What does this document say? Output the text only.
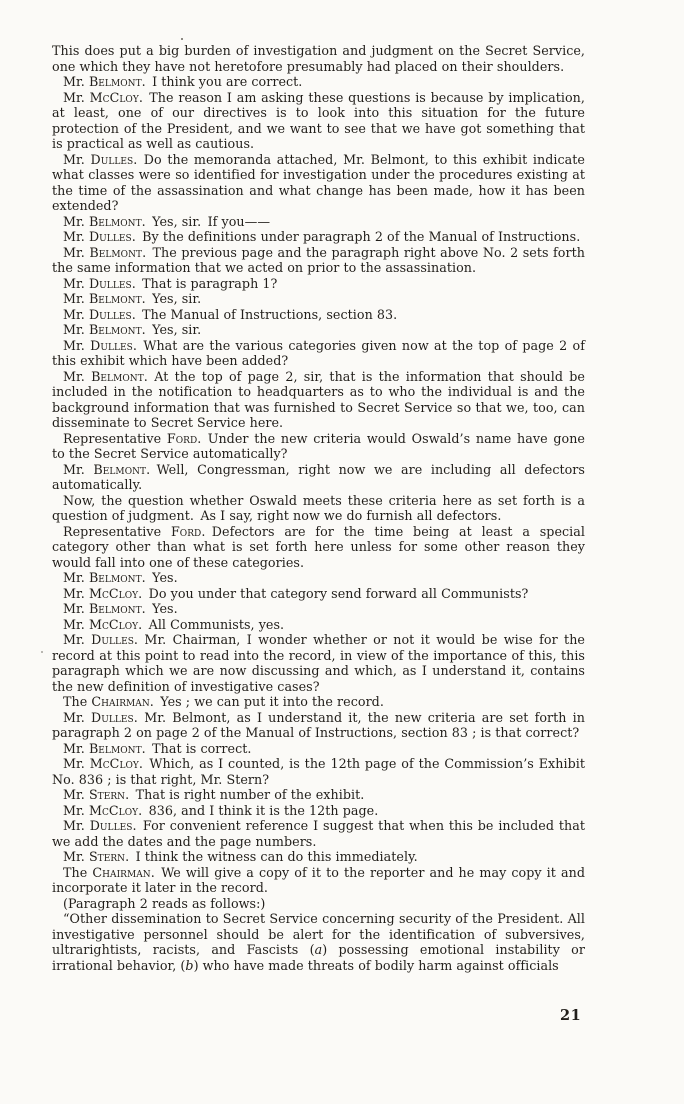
This does put a big burden of investigation and judgment on the Secret Service, one which they have not heretofore presumably had placed on their shoulders.

Mr. Belmont. I think you are correct.

Mr. McCloy. The reason I am asking these questions is because by implication, at least, one of our directives is to look into this situation for the future protection of the President, and we want to see that we have got something that is practical as well as cautious.

Mr. Dulles. Do the memoranda attached, Mr. Belmont, to this exhibit indicate what classes were so identified for investigation under the procedures existing at the time of the assassination and what change has been made, how it has been extended?

Mr. Belmont. Yes, sir. If you——

Mr. Dulles. By the definitions under paragraph 2 of the Manual of Instructions.

Mr. Belmont. The previous page and the paragraph right above No. 2 sets forth the same information that we acted on prior to the assassination.

Mr. Dulles. That is paragraph 1?

Mr. Belmont. Yes, sir.

Mr. Dulles. The Manual of Instructions, section 83.

Mr. Belmont. Yes, sir.

Mr. Dulles. What are the various categories given now at the top of page 2 of this exhibit which have been added?

Mr. Belmont. At the top of page 2, sir, that is the information that should be included in the notification to headquarters as to who the individual is and the background information that was furnished to Secret Service so that we, too, can disseminate to Secret Service here.

Representative Ford. Under the new criteria would Oswald’s name have gone to the Secret Service automatically?

Mr. Belmont. Well, Congressman, right now we are including all defectors automatically.

Now, the question whether Oswald meets these criteria here as set forth is a question of judgment. As I say, right now we do furnish all defectors.

Representative Ford. Defectors are for the time being at least a special category other than what is set forth here unless for some other reason they would fall into one of these categories.

Mr. Belmont. Yes.

Mr. McCloy. Do you under that category send forward all Communists?

Mr. Belmont. Yes.

Mr. McCloy. All Communists, yes.

Mr. Dulles. Mr. Chairman, I wonder whether or not it would be wise for the record at this point to read into the record, in view of the importance of this, this paragraph which we are now discussing and which, as I understand it, contains the new definition of investigative cases?

The Chairman. Yes ; we can put it into the record.

Mr. Dulles. Mr. Belmont, as I understand it, the new criteria are set forth in paragraph 2 on page 2 of the Manual of Instructions, section 83 ; is that correct?

Mr. Belmont. That is correct.

Mr. McCloy. Which, as I counted, is the 12th page of the Commission’s Exhibit No. 836 ; is that right, Mr. Stern?

Mr. Stern. That is right number of the exhibit.

Mr. McCloy. 836, and I think it is the 12th page.

Mr. Dulles. For convenient reference I suggest that when this be included that we add the dates and the page numbers.

Mr. Stern. I think the witness can do this immediately.

The Chairman. We will give a copy of it to the reporter and he may copy it and incorporate it later in the record.

(Paragraph 2 reads as follows:)

“Other dissemination to Secret Service concerning security of the President. All investigative personnel should be alert for the identification of subversives, ultrarightists, racists, and Fascists (a) possessing emotional instability or irrational behavior, (b) who have made threats of bodily harm against officials

21
